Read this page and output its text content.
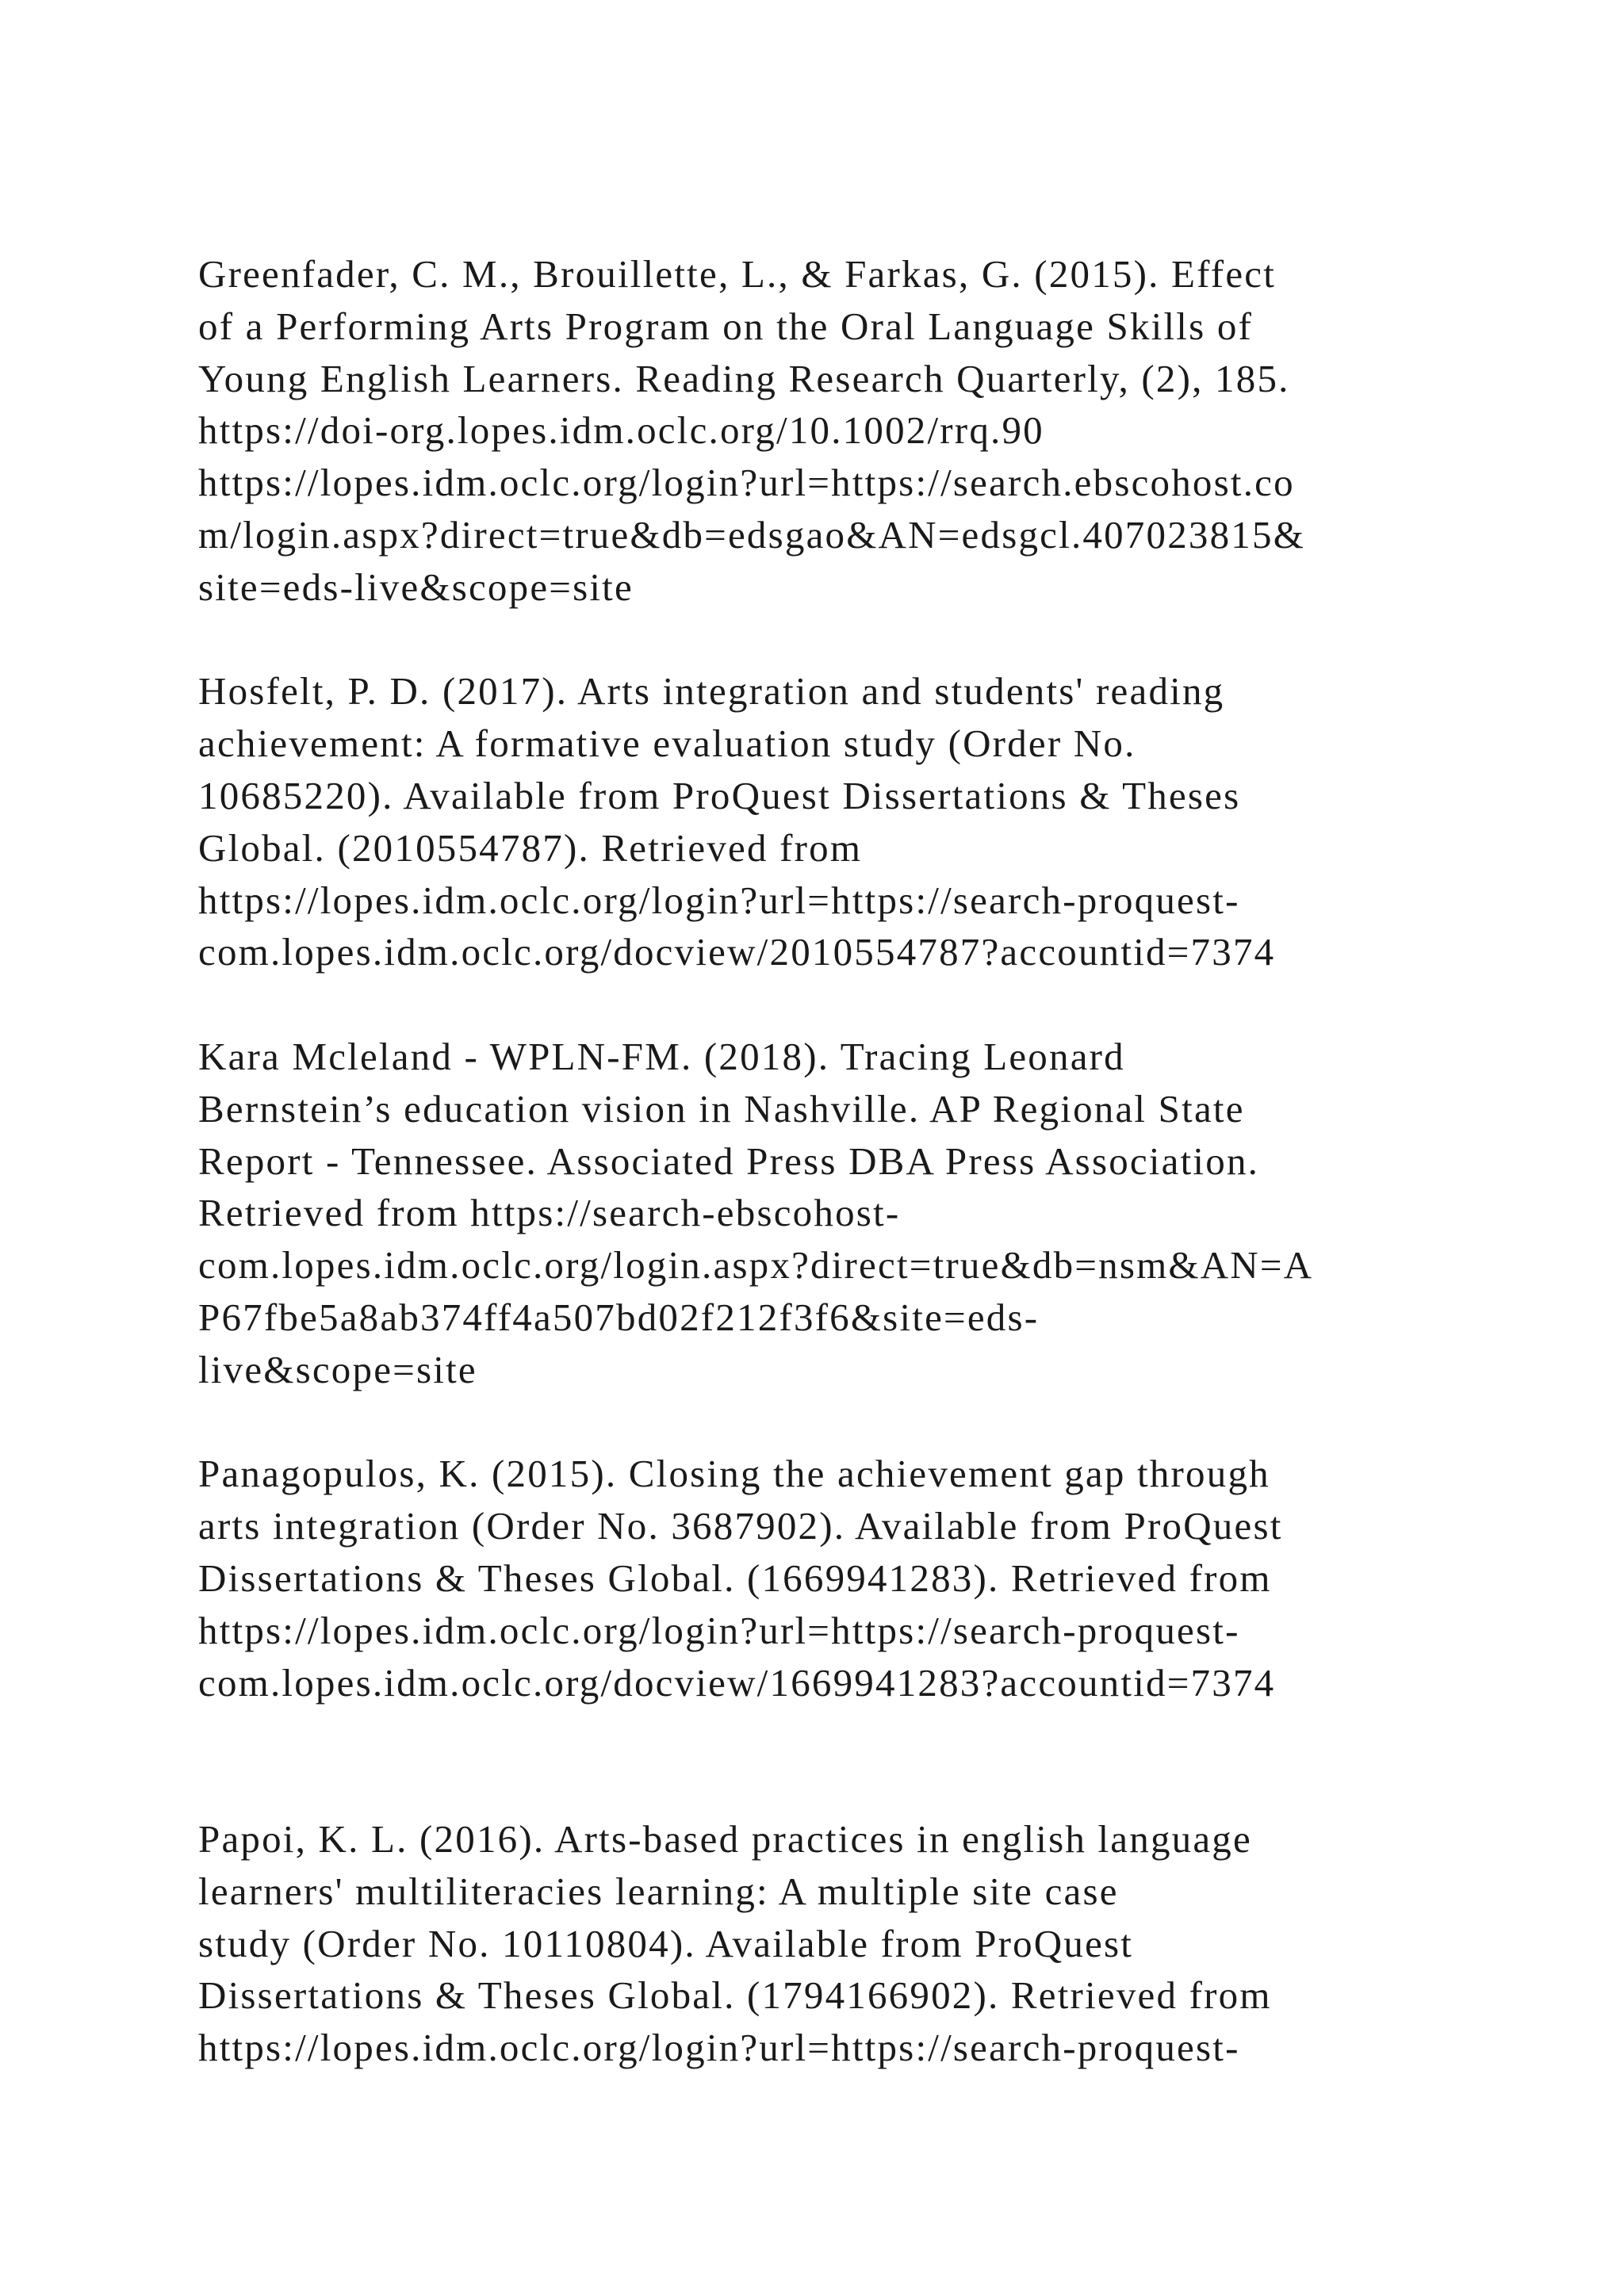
Greenfader, C. M., Brouillette, L., & Farkas, G. (2015). Effect
of a Performing Arts Program on the Oral Language Skills of
Young English Learners. Reading Research Quarterly, (2), 185.
https://doi-org.lopes.idm.oclc.org/10.1002/rrq.90
https://lopes.idm.oclc.org/login?url=https://search.ebscohost.co
m/login.aspx?direct=true&db=edsgao&AN=edsgcl.407023815&
site=eds-live&scope=site
Hosfelt, P. D. (2017). Arts integration and students' reading
achievement: A formative evaluation study (Order No.
10685220). Available from ProQuest Dissertations & Theses
Global. (2010554787). Retrieved from
https://lopes.idm.oclc.org/login?url=https://search-proquest-
com.lopes.idm.oclc.org/docview/2010554787?accountid=7374
Kara Mcleland - WPLN-FM. (2018). Tracing Leonard
Bernstein’s education vision in Nashville. AP Regional State
Report - Tennessee. Associated Press DBA Press Association.
Retrieved from https://search-ebscohost-
com.lopes.idm.oclc.org/login.aspx?direct=true&db=nsm&AN=A
P67fbe5a8ab374ff4a507bd02f212f3f6&site=eds-
live&scope=site
Panagopulos, K. (2015). Closing the achievement gap through
arts integration (Order No. 3687902). Available from ProQuest
Dissertations & Theses Global. (1669941283). Retrieved from
https://lopes.idm.oclc.org/login?url=https://search-proquest-
com.lopes.idm.oclc.org/docview/1669941283?accountid=7374
Papoi, K. L. (2016). Arts-based practices in english language
learners' multiliteracies learning: A multiple site case
study (Order No. 10110804). Available from ProQuest
Dissertations & Theses Global. (1794166902). Retrieved from
https://lopes.idm.oclc.org/login?url=https://search-proquest-
